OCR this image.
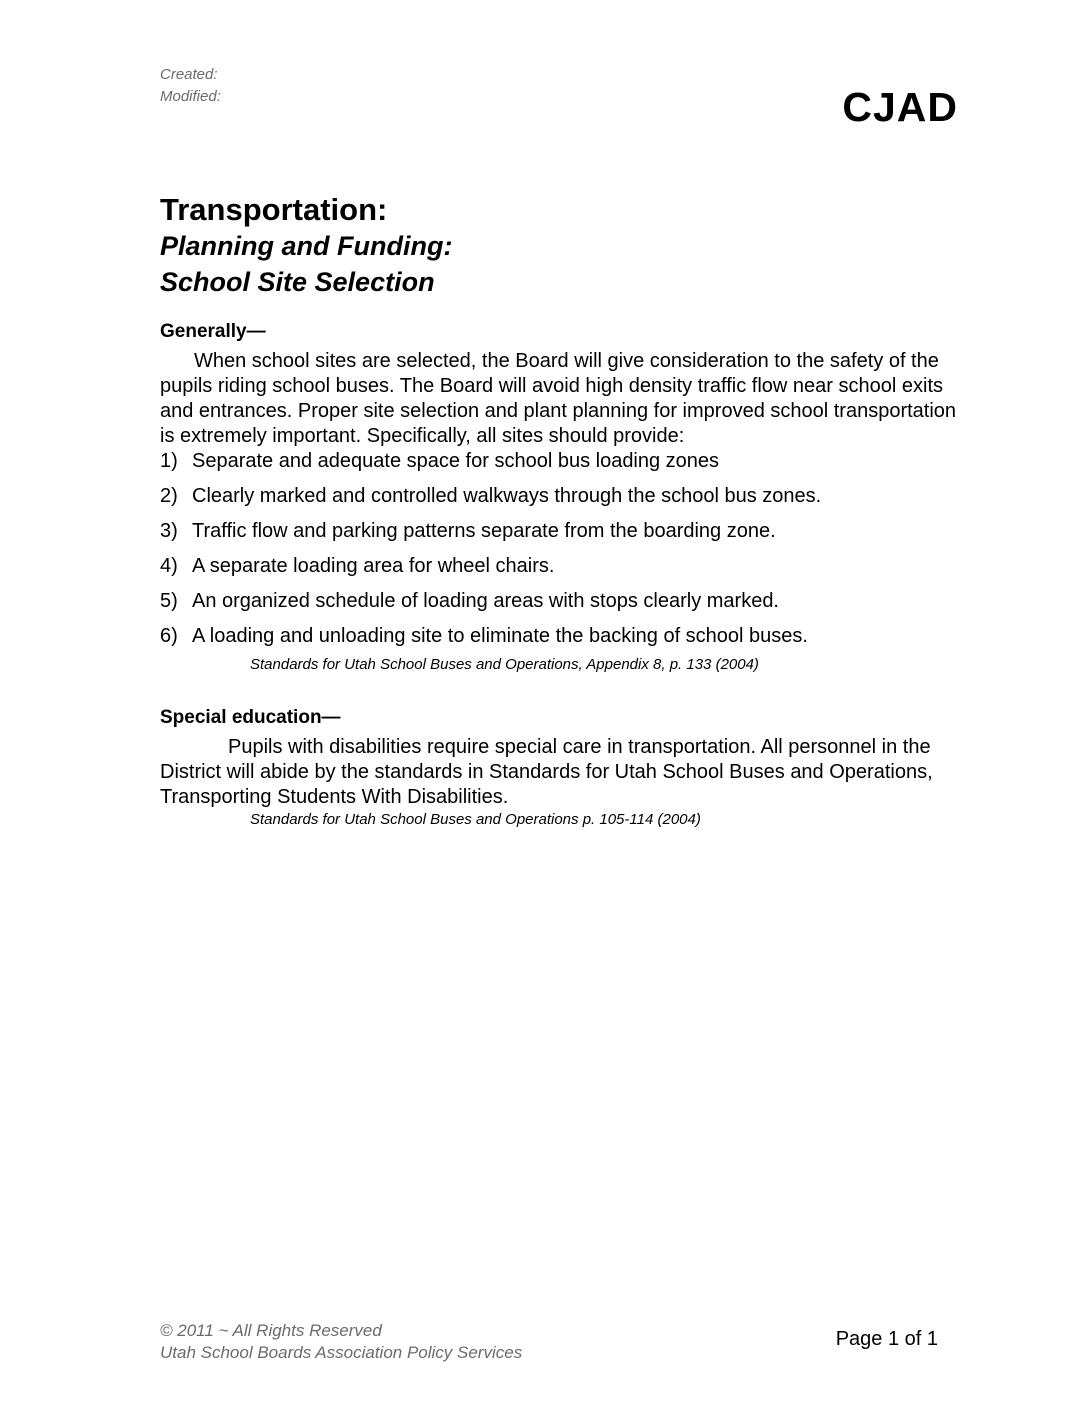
Created:
Modified:	CJAD
Transportation:
Planning and Funding:
School Site Selection
Generally—

When school sites are selected, the Board will give consideration to the safety of the pupils riding school buses. The Board will avoid high density traffic flow near school exits and entrances. Proper site selection and plant planning for improved school transportation is extremely important. Specifically, all sites should provide:

1) Separate and adequate space for school bus loading zones
2) Clearly marked and controlled walkways through the school bus zones.
3) Traffic flow and parking patterns separate from the boarding zone.
4) A separate loading area for wheel chairs.
5) An organized schedule of loading areas with stops clearly marked.
6) A loading and unloading site to eliminate the backing of school buses.
Standards for Utah School Buses and Operations, Appendix 8, p. 133 (2004)
Special education—

Pupils with disabilities require special care in transportation. All personnel in the District will abide by the standards in Standards for Utah School Buses and Operations, Transporting Students With Disabilities.

Standards for Utah School Buses and Operations p. 105-114 (2004)
© 2011 ~ All Rights Reserved
Utah School Boards Association Policy Services
Page 1 of 1
